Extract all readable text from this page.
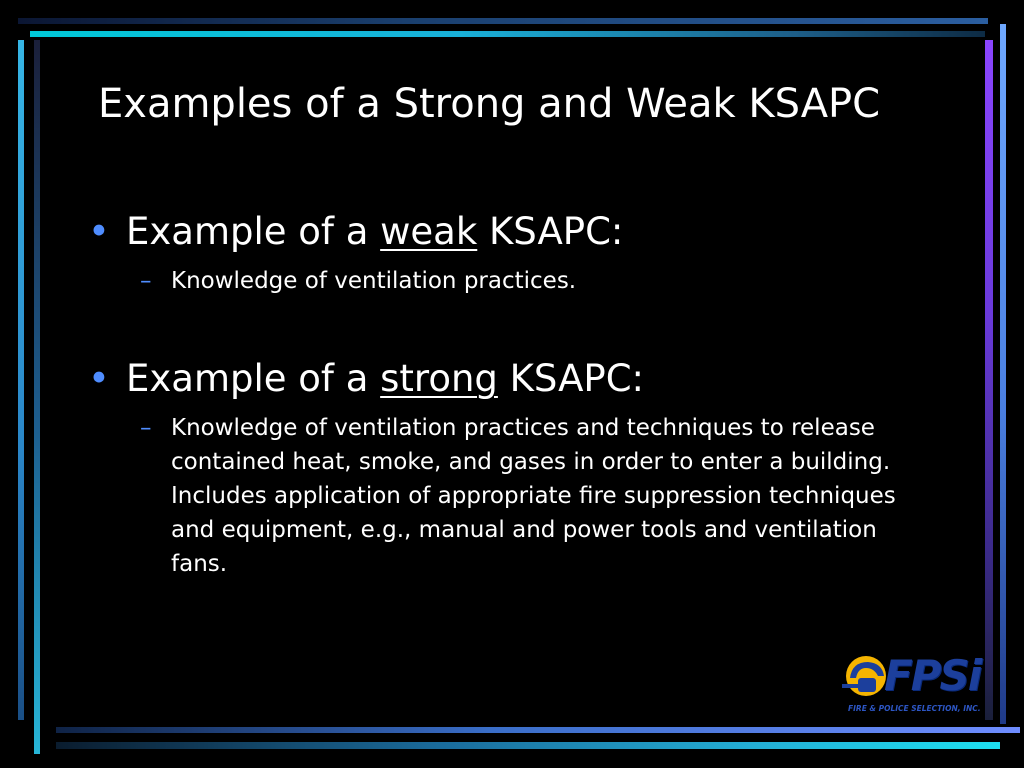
Examples of a Strong and Weak KSAPC
• Example of a weak KSAPC:
– Knowledge of ventilation practices.
• Example of a strong KSAPC:
– Knowledge of ventilation practices and techniques to release contained heat, smoke, and gases in order to enter a building. Includes application of appropriate fire suppression techniques and equipment, e.g., manual and power tools and ventilation fans.
FPSi
FIRE & POLICE SELECTION, INC.
